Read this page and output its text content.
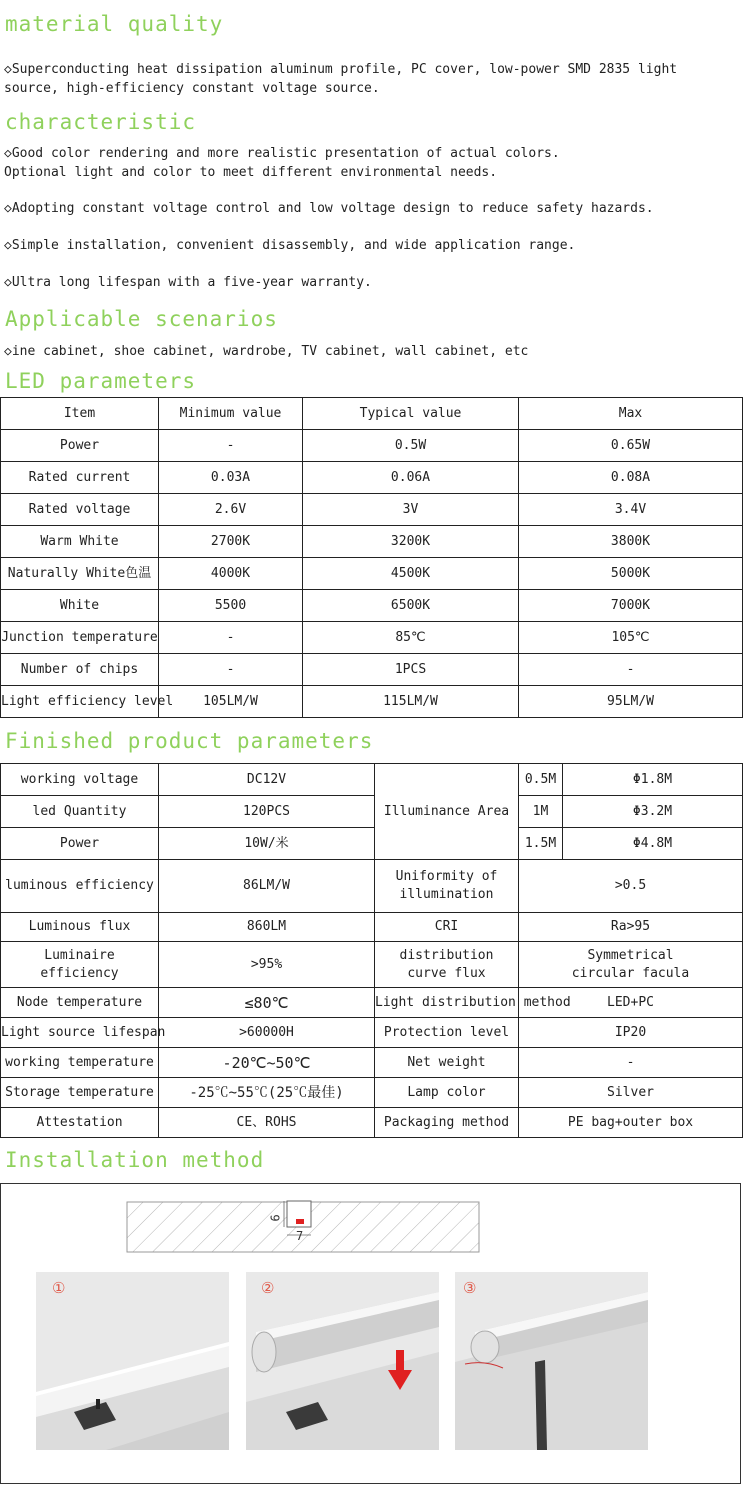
material quality
◇Superconducting heat dissipation aluminum profile, PC cover, low-power SMD 2835 light
source, high-efficiency constant voltage source.
characteristic
◇Good color rendering and more realistic presentation of actual colors.
Optional light and color to meet different environmental needs.
◇Adopting constant voltage control and low voltage design to reduce safety hazards.
◇Simple installation, convenient disassembly, and wide application range.
◇Ultra long lifespan with a five-year warranty.
Applicable scenarios
◇ine cabinet, shoe cabinet, wardrobe, TV cabinet, wall cabinet, etc
LED parameters
Item	Minimum value	Typical value	Max
Power	-	0.5W	0.65W
Rated current	0.03A	0.06A	0.08A
Rated voltage	2.6V	3V	3.4V
Warm White	2700K	3200K	3800K
Naturally White色温	4000K	4500K	5000K
White	5500	6500K	7000K
Junction temperature	-	85℃	105℃
Number of chips	-	1PCS	-
Light efficiency level	105LM/W	115LM/W	95LM/W
Finished product parameters
working voltage	DC12V	Illuminance Area	0.5M	Φ1.8M
led Quantity	120PCS		1M	Φ3.2M
Power	10W/米		1.5M	Φ4.8M
luminous efficiency	86LM/W	Uniformity of illumination	>0.5	
Luminous flux	860LM	CRI	Ra>95	
Luminaire efficiency	>95%	distribution curve flux	Symmetrical circular facula	
Node temperature	≤80℃	Light distribution method	LED+PC	
Light source lifespan	>60000H	Protection level	IP20	
working temperature	-20℃~50℃	Net weight	-	
Storage temperature	-25℃~55℃(25℃最佳)	Lamp color	Silver	
Attestation	CE、ROHS	Packaging method	PE bag+outer box	
Installation method
9
7
①	②	③
